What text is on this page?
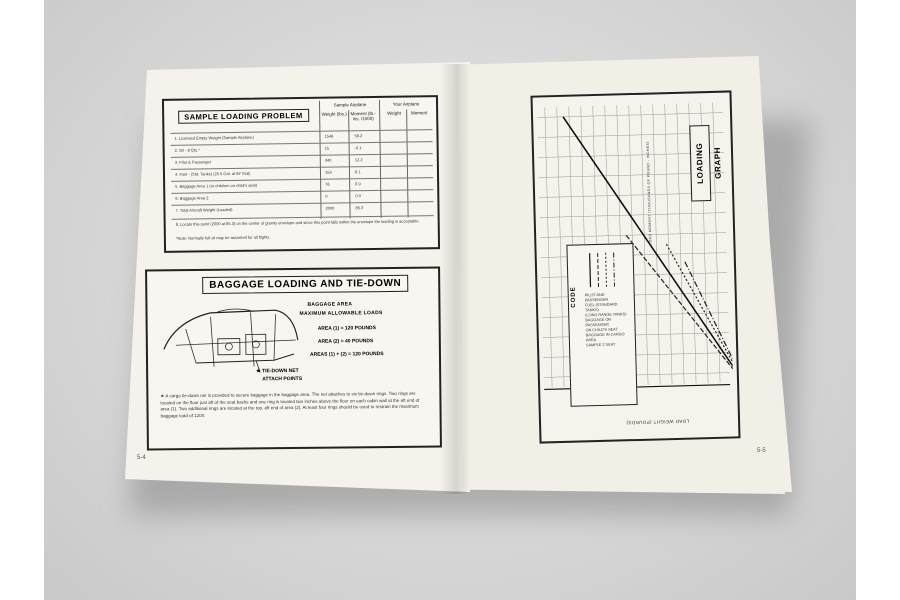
SAMPLE LOADING PROBLEM
Sample Airplane	Your Airplane
Weight (lbs.) Moment (lb.-ins. /1000)
Weight	Moment
1. Licensed Empty Weight (Sample Airplane)	1546	58.2
2. Oil - 8 Qts.*	15	-0.1
3. Pilot & Passenger	340	12.2
4. Fuel - (Std. Tanks) (25.5 Gal. at 6# /Gal)	153	6.1
5. Baggage Area 1 (or children on child's seat)	76	6.9
6. Baggage Area 2	0	0.0
7. Total Aircraft Weight (Loaded)	2000	85.3
8. Locate this point (2000 at 85.3) on the center of gravity envelope and since this point falls within the envelope the loading is acceptable.
*Note: Normally full oil may be assumed for all flights.
BAGGAGE LOADING AND TIE-DOWN
BAGGAGE AREA
MAXIMUM ALLOWABLE LOADS
AREA (1) = 120 POUNDS
AREA (2) = 40 POUNDS
AREAS (1) + (2) = 120 POUNDS
★ TIE-DOWN NET
ATTACH POINTS
★ A cargo tie-down net is provided to secure baggage in the baggage area. The net attaches to six tie-down rings. Two rings are located on the floor just aft of the seat backs and one ring is located two inches above the floor on each cabin wall at the aft end of area (1). Two additional rings are located at the top, aft end of area (2). At least four rings should be used to restrain the maximum baggage load of 120#.
5-4
LOADING GRAPH
CODE PILOT AND PASSENGER
FUEL (STANDARD TANKS)
(LONG RANGE TANKS)
BAGGAGE OR PASSENGER
ON CHILD'S SEAT
BAGGAGE IN CARGO AREA
SAMPLE 2 SEAT
LOAD WEIGHT (POUNDS)
LOAD MOMENT (THOUSANDS OF POUND - INCHES)
5-5
